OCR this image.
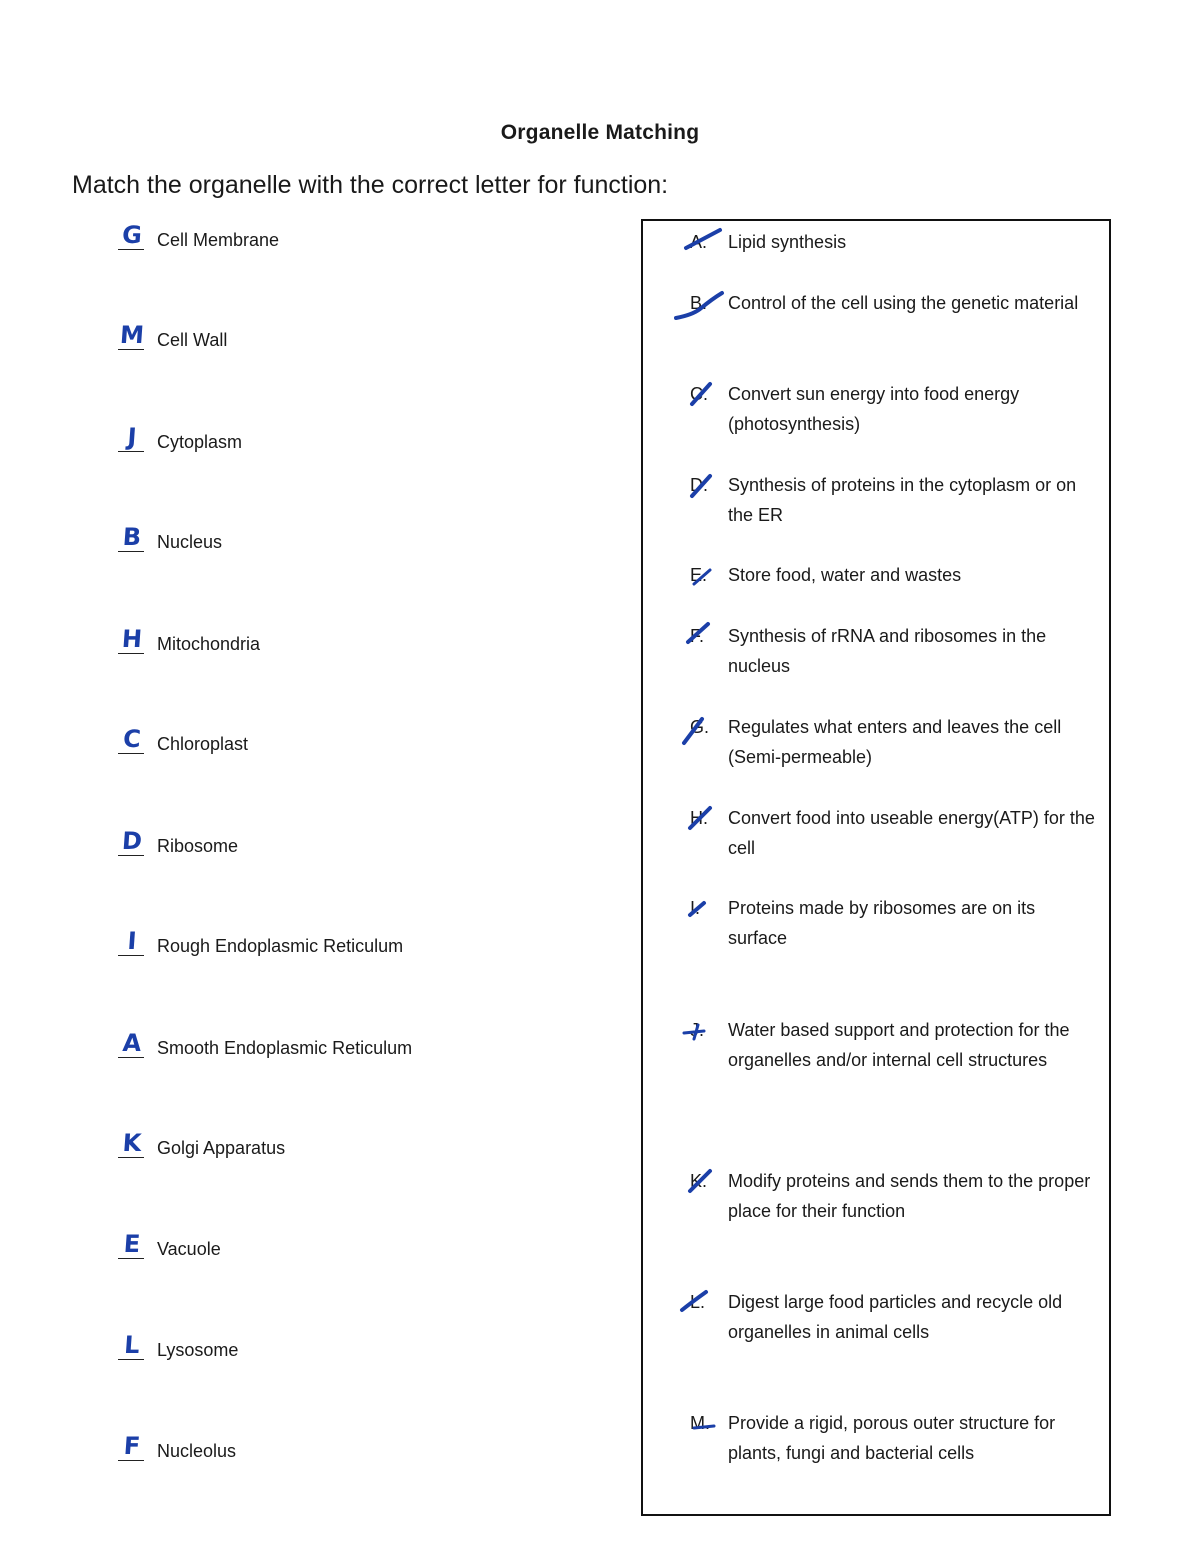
Organelle Matching
Match the organelle with the correct letter for function:
G Cell Membrane
M Cell Wall
J	Cytoplasm
B Nucleus
H Mitochondria
C Chloroplast
D Ribosome
I	Rough Endoplasmic Reticulum
A Smooth Endoplasmic Reticulum
K Golgi Apparatus
E Vacuole
L Lysosome
F Nucleolus
A. Lipid synthesis
B. Control of the cell using the genetic material
C. Convert sun energy into food energy (photosynthesis)
D. Synthesis of proteins in the cytoplasm or on the ER
E. Store food, water and wastes
F. Synthesis of rRNA and ribosomes in the nucleus
G. Regulates what enters and leaves the cell (Semi-permeable)
H. Convert food into useable energy(ATP) for the cell
I. Proteins made by ribosomes are on its surface
J. Water based support and protection for the organelles and/or internal cell structures
K. Modify proteins and sends them to the proper place for their function
L. Digest large food particles and recycle old organelles in animal cells
M. Provide a rigid, porous outer structure for plants, fungi and bacterial cells
